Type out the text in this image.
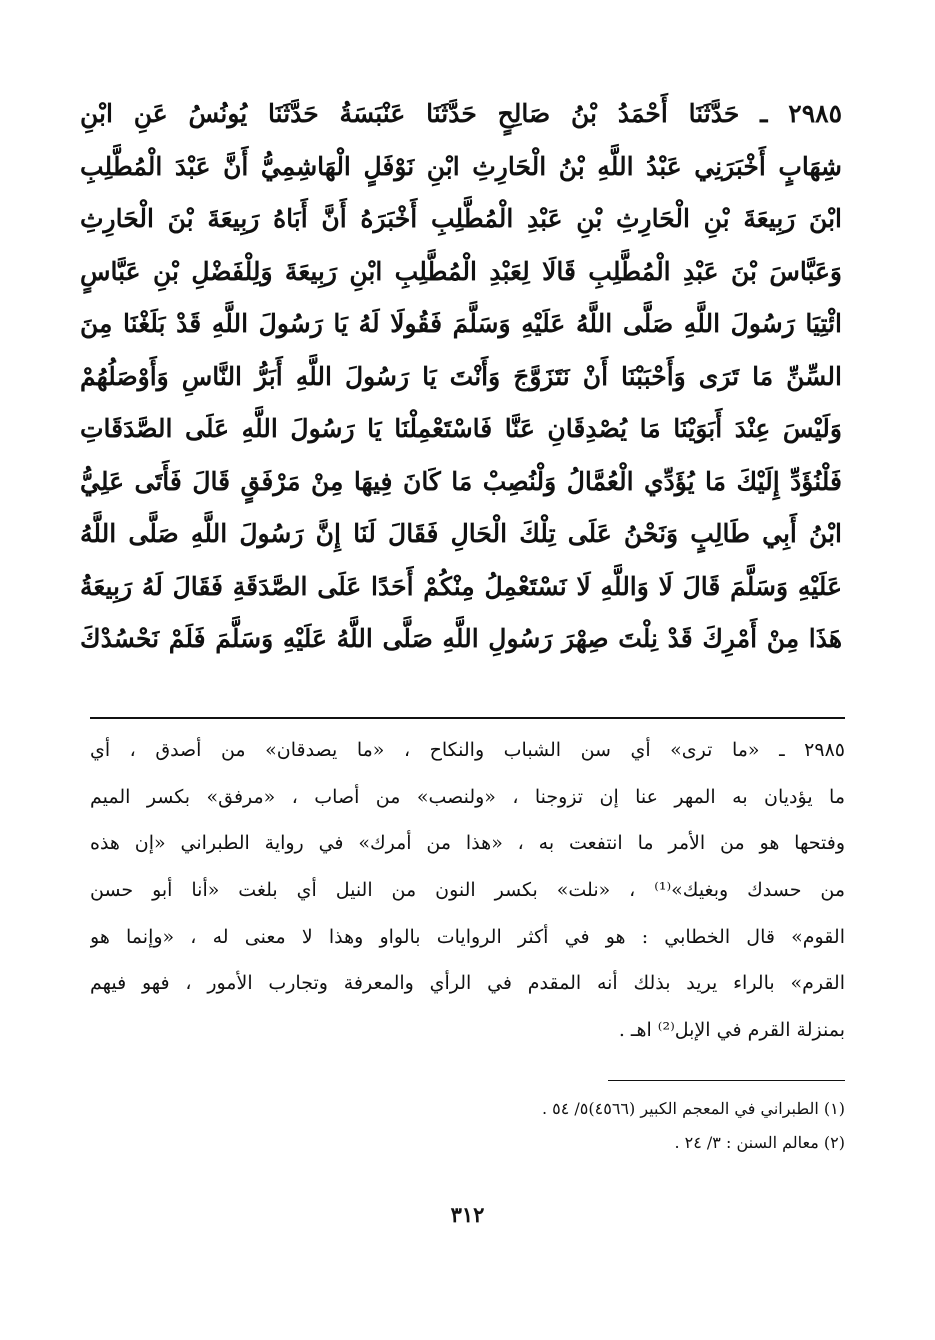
٢٩٨٥ ـ حَدَّثَنَا أَحْمَدُ بْنُ صَالِحٍ حَدَّثَنَا عَنْبَسَةُ حَدَّثَنَا يُونُسُ عَنِ ابْنِ
شِهَابٍ أَخْبَرَنِي عَبْدُ اللَّهِ بْنُ الْحَارِثِ ابْنِ نَوْفَلٍ الْهَاشِمِيُّ أَنَّ عَبْدَ الْمُطَّلِبِ
ابْنَ رَبِيعَةَ بْنِ الْحَارِثِ بْنِ عَبْدِ الْمُطَّلِبِ أَخْبَرَهُ أَنَّ أَبَاهُ رَبِيعَةَ بْنَ الْحَارِثِ
وَعَبَّاسَ بْنَ عَبْدِ الْمُطَّلِبِ قَالَا لِعَبْدِ الْمُطَّلِبِ ابْنِ رَبِيعَةَ وَلِلْفَضْلِ بْنِ عَبَّاسٍ
ائْتِيَا رَسُولَ اللَّهِ صَلَّى اللَّهُ عَلَيْهِ وَسَلَّمَ فَقُولَا لَهُ يَا رَسُولَ اللَّهِ قَدْ بَلَغْنَا مِنَ
السِّنِّ مَا تَرَى وَأَحْبَبْنَا أَنْ نَتَزَوَّجَ وَأَنْتَ يَا رَسُولَ اللَّهِ أَبَرُّ النَّاسِ وَأَوْصَلُهُمْ
وَلَيْسَ عِنْدَ أَبَوَيْنَا مَا يُصْدِقَانِ عَنَّا فَاسْتَعْمِلْنَا يَا رَسُولَ اللَّهِ عَلَى الصَّدَقَاتِ
فَلْنُؤَدِّ إِلَيْكَ مَا يُؤَدِّي الْعُمَّالُ وَلْنُصِبْ مَا كَانَ فِيهَا مِنْ مَرْفَقٍ قَالَ فَأَتَى عَلِيُّ
ابْنُ أَبِي طَالِبٍ وَنَحْنُ عَلَى تِلْكَ الْحَالِ فَقَالَ لَنَا إِنَّ رَسُولَ اللَّهِ صَلَّى اللَّهُ
عَلَيْهِ وَسَلَّمَ قَالَ لَا وَاللَّهِ لَا نَسْتَعْمِلُ مِنْكُمْ أَحَدًا عَلَى الصَّدَقَةِ فَقَالَ لَهُ رَبِيعَةُ
هَذَا مِنْ أَمْرِكَ قَدْ نِلْتَ صِهْرَ رَسُولِ اللَّهِ صَلَّى اللَّهُ عَلَيْهِ وَسَلَّمَ فَلَمْ نَحْسُدْكَ
٢٩٨٥ ـ «ما ترى» أي سن الشباب والنكاح ، «ما يصدقان» من أصدق ، أي
ما يؤديان به المهر عنا إن تزوجنا ، «ولنصب» من أصاب ، «مرفق» بكسر الميم
وفتحها هو من الأمر ما انتفعت به ، «هذا من أمرك» في رواية الطبراني «إن هذه
من حسدك وبغيك»⁽¹⁾ ، «نلت» بكسر النون من النيل أي بلغت «أنا أبو حسن
القوم» قال الخطابي : هو في أكثر الروايات بالواو وهذا لا معنى له ، «وإنما هو
القرم» بالراء يريد بذلك أنه المقدم في الرأي والمعرفة وتجارب الأمور ، فهو فيهم
بمنزلة القرم في الإبل⁽²⁾ اهـ .
(١) الطبراني في المعجم الكبير (٤٥٦٦)٥/ ٥٤ .
(٢) معالم السنن : ٣/ ٢٤ .
٣١٢
